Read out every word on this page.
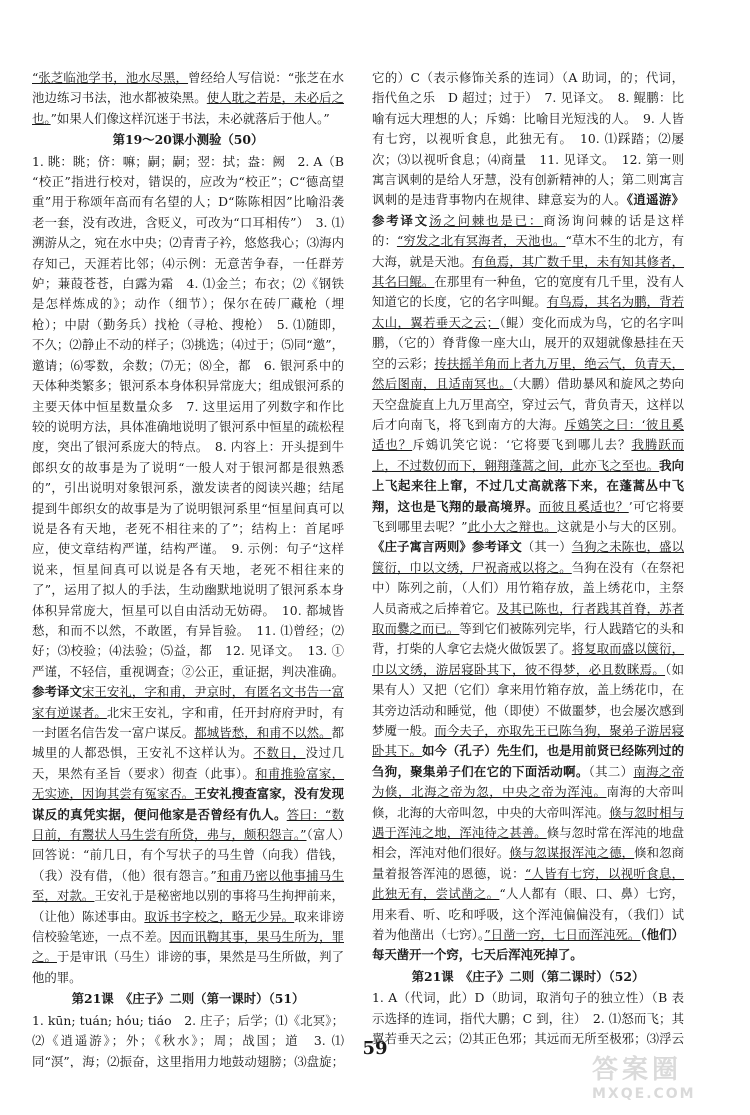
“张芝临池学书，池水尽黑，曾经给人写信说：“张芝在水池边练习书法，池水都被染黑。使人耽之若是，未必后之也。”如果人们像这样沉迷于书法，未必就落后于他人。”

第19～20课小测验（50）

1. 眺：眺；侪：嘛；嗣；嗣；翌：拭；盎：阙　2. A（B “校正”指进行校对，错误的，应改为“校正”；C“德高望重”用于称颂年高而有名望的人；D“陈陈相因”比喻沿袭老一套，没有改进，含贬义，可改为“口耳相传”）　3. ⑴溯游从之，宛在水中央；⑵青青子衿，悠悠我心；⑶海内存知己，天涯若比邻；⑷示例：无意苦争春，一任群芳妒；蒹葭苍苍，白露为霜　4. ⑴金兰；布衣；⑵《钢铁是怎样炼成的》；动作（细节）；保尔在砖厂藏枪（埋枪）；中尉（勤务兵）找枪（寻枪、搜枪）　5. ⑴随即，不久；⑵静止不动的样子；⑶挑选；⑷过于；⑸同“邀”，邀请；⑹零数，余数；⑺无；⑻全，都　6. 银河系中的天体种类繁多；银河系本身体积异常庞大；组成银河系的主要天体中恒星数量众多　7. 这里运用了列数字和作比较的说明方法，具体准确地说明了银河系中恒星的疏松程度，突出了银河系庞大的特点。　8. 内容上：开头提到牛郎织女的故事是为了说明“一般人对于银河都是很熟悉的”，引出说明对象银河系，激发读者的阅读兴趣；结尾提到牛郎织女的故事是为了说明银河系里“恒星间真可以说是各有天地，老死不相往来的了”；结构上：首尾呼应，使文章结构严谨，结构严谨。　9. 示例：句子“这样说来，恒星间真可以说是各有天地，老死不相往来的了”，运用了拟人的手法，生动幽默地说明了银河系本身体积异常庞大，恒星可以自由活动无妨碍。　10. 都城皆愁，和而不以然，不敢匿，有异旨验。　11. ⑴曾经；⑵好；⑶校验；⑷法验；⑸益，都　12. 见译文。　13. ①严谨，不轻信，重视调查；②公正，重证据，判决准确。参考译文宋王安礼，字和甫，尹京时，有匿名文书告一富家有逆谋者。北宋王安礼，字和甫，任开封府府尹时，有一封匿名信告发一富户谋反。都城皆愁，和甫不以然。都城里的人都恐惧，王安礼不这样认为。不数日，没过几天，果然有圣旨（要求）彻查（此事）。和甫推验富家，无实迹，因询其尝有冤家否。王安礼搜查富家，没有发现谋反的真凭实据，便问他家是否曾经有仇人。答曰：“数日前，有鬻状人马生尝有所贷，弗与，颇积怨言。”（富人）回答说：“前几日，有个写状子的马生曾（向我）借钱，（我）没有借，（他）很有怨言。”和甫乃密以他事捕马生至，对款。王安礼于是秘密地以别的事将马生拘押前来，（让他）陈述事由。取诉书字校之，略无少异。取来诽谤信校验笔迹，一点不差。因而讯鞫其事，果马生所为，罪之。于是审讯（马生）诽谤的事，果然是马生所做，判了他的罪。

第21课　《庄子》二则（第一课时）（51）

1. kūn; tuán; hóu; tiáo　2. 庄子；后学；⑴《北冥》；⑵《逍遥游》；外；《秋水》；周；战国；道　3. ⑴同“溟”，海；⑵振奋，这里指用力地鼓动翅膀；⑶盘旋；　 　 　

它的）C（表示修饰关系的连词）（A 助词，的；代词，指代鱼之乐　D 超过；过于）　7. 见译文。　8. 鲲鹏：比喻有远大理想的人；斥鴳：比喻目光短浅的人。　9. 人皆有七窍，以视听食息，此独无有。　10. ⑴踩踏；⑵屡次；⑶以视听食息；⑷商量　11. 见译文。　12. 第一则寓言讽刺的是给人牙慧，没有创新精神的人；第二则寓言讽刺的是违背事物内在规律、肆意妄为的人。《逍遥游》参考译文汤之问棘也是已：商汤询问棘的话是这样的：“穷发之北有冥海者，天池也。“草木不生的北方，有大海，就是天池。有鱼焉，其广数千里，未有知其修者，其名曰鲲。在那里有一种鱼，它的宽度有几千里，没有人知道它的长度，它的名字叫鲲。有鸟焉，其名为鹏，背若太山，翼若垂天之云；（鲲）变化而成为鸟，它的名字叫鹏，（它的）脊背像一座大山，展开的双翅就像悬挂在天空的云彩；抟扶摇羊角而上者九万里，绝云气，负青天，然后图南，且适南冥也。（大鹏）借助暴风和旋风之势向天空盘旋直上九万里高空，穿过云气，背负青天，这样以后才向南飞，将飞到南方的大海。斥鴳笑之曰：‘彼且奚适也？斥鴳讥笑它说：‘它将要飞到哪儿去？我腾跃而上，不过数仞而下，翱翔蓬蒿之间，此亦飞之至也。我向上飞起来往上窜，不过几丈高就落下来，在蓬蒿丛中飞翔，这也是飞翔的最高境界。而彼且奚适也？’可它将要飞到哪里去呢？”此小大之辩也。这就是小与大的区别。《庄子寓言两则》参考译文（其一）刍狗之未陈也，盛以箧衍，巾以文绣，尸祝斋戒以将之。刍狗在没有（在祭祀中）陈列之前，（人们）用竹箱存放，盖上绣花巾，主祭人员斋戒之后捧着它。及其已陈也，行者践其首脊，苏者取而爨之而已。等到它们被陈列完毕，行人践踏它的头和背，打柴的人拿它去烧火做饭罢了。将复取而盛以箧衍，巾以文绣，游居寝卧其下，彼不得梦，必且数眯焉。（如果有人）又把（它们）拿来用竹箱存放，盖上绣花巾，在其旁边活动和睡觉，他（即使）不做噩梦，也会屡次感到梦魇一般。而今夫子，亦取先王已陈刍狗，聚弟子游居寝卧其下。如今（孔子）先生们，也是用前贤已经陈列过的刍狗，聚集弟子们在它的下面活动啊。（其二）南海之帝为倏，北海之帝为忽，中央之帝为浑沌。南海的大帝叫倏，北海的大帝叫忽，中央的大帝叫浑沌。倏与忽时相与遇于浑沌之地，浑沌待之甚善。倏与忽时常在浑沌的地盘相会，浑沌对他们很好。倏与忽谋报浑沌之德，倏和忽商量着报答浑沌的恩德，说：“人皆有七窍，以视听食息，此独无有，尝试凿之。“人人都有（眼、口、鼻）七窍，用来看、听、吃和呼吸，这个浑沌偏偏没有，（我们）试着为他凿出（七窍）。”日凿一窍，七日而浑沌死。（他们）每天凿开一个窍，七天后浑沌死掉了。

第21课　《庄子》二则（第二课时）（52）

1. A（代词，此）D（助词，取消句子的独立性）（B 表示选择的连词，指代大鹏；C 到，往）　2. ⑴怒而飞；其翼若垂天之云；⑵其正色邪；其远而无所至极邪；⑶浮云　

59
答案圈
MXQE.COM
